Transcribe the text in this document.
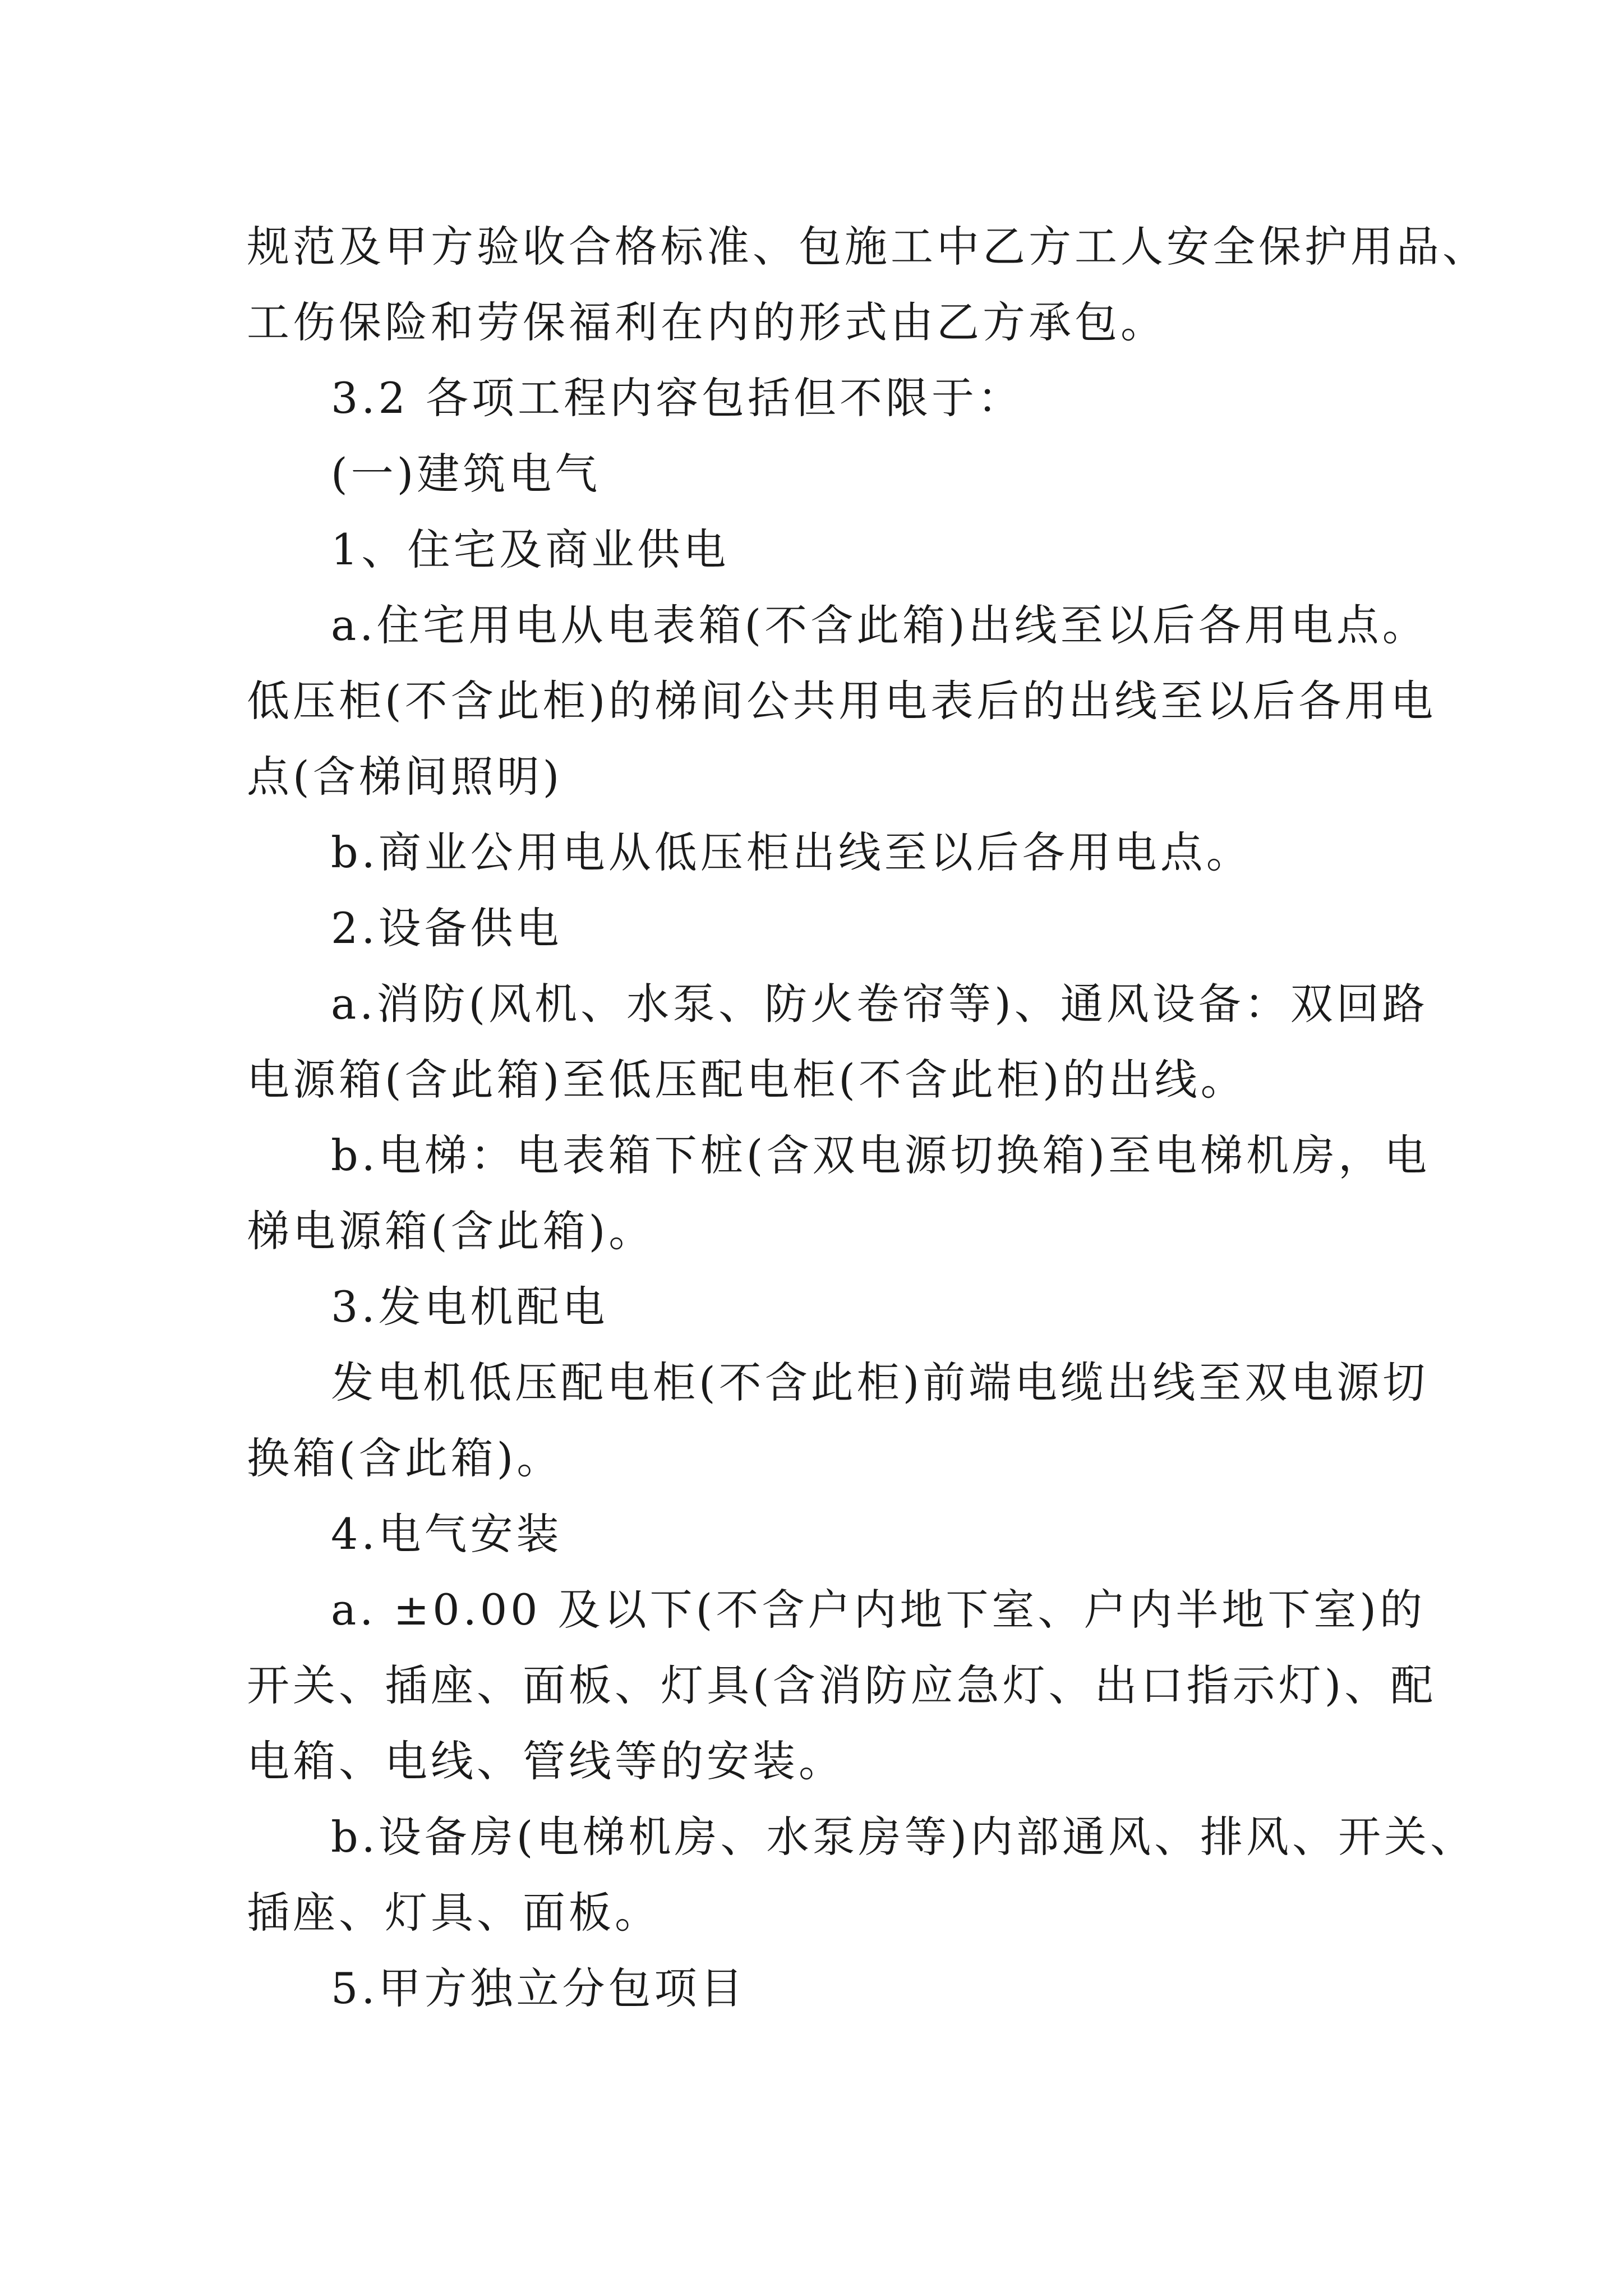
规范及甲方验收合格标准、包施工中乙方工人安全保护用品、
工伤保险和劳保福利在内的形式由乙方承包。
3.2 各项工程内容包括但不限于：
(一)建筑电气
1、住宅及商业供电
a.住宅用电从电表箱(不含此箱)出线至以后各用电点。
低压柜(不含此柜)的梯间公共用电表后的出线至以后各用电
点(含梯间照明)
b.商业公用电从低压柜出线至以后各用电点。
2.设备供电
a.消防(风机、水泵、防火卷帘等)、通风设备：双回路
电源箱(含此箱)至低压配电柜(不含此柜)的出线。
b.电梯：电表箱下桩(含双电源切换箱)至电梯机房，电
梯电源箱(含此箱)。
3.发电机配电
发电机低压配电柜(不含此柜)前端电缆出线至双电源切
换箱(含此箱)。
4.电气安装
a. ±0.00 及以下(不含户内地下室、户内半地下室)的
开关、插座、面板、灯具(含消防应急灯、出口指示灯)、配
电箱、电线、管线等的安装。
b.设备房(电梯机房、水泵房等)内部通风、排风、开关、
插座、灯具、面板。
5.甲方独立分包项目
